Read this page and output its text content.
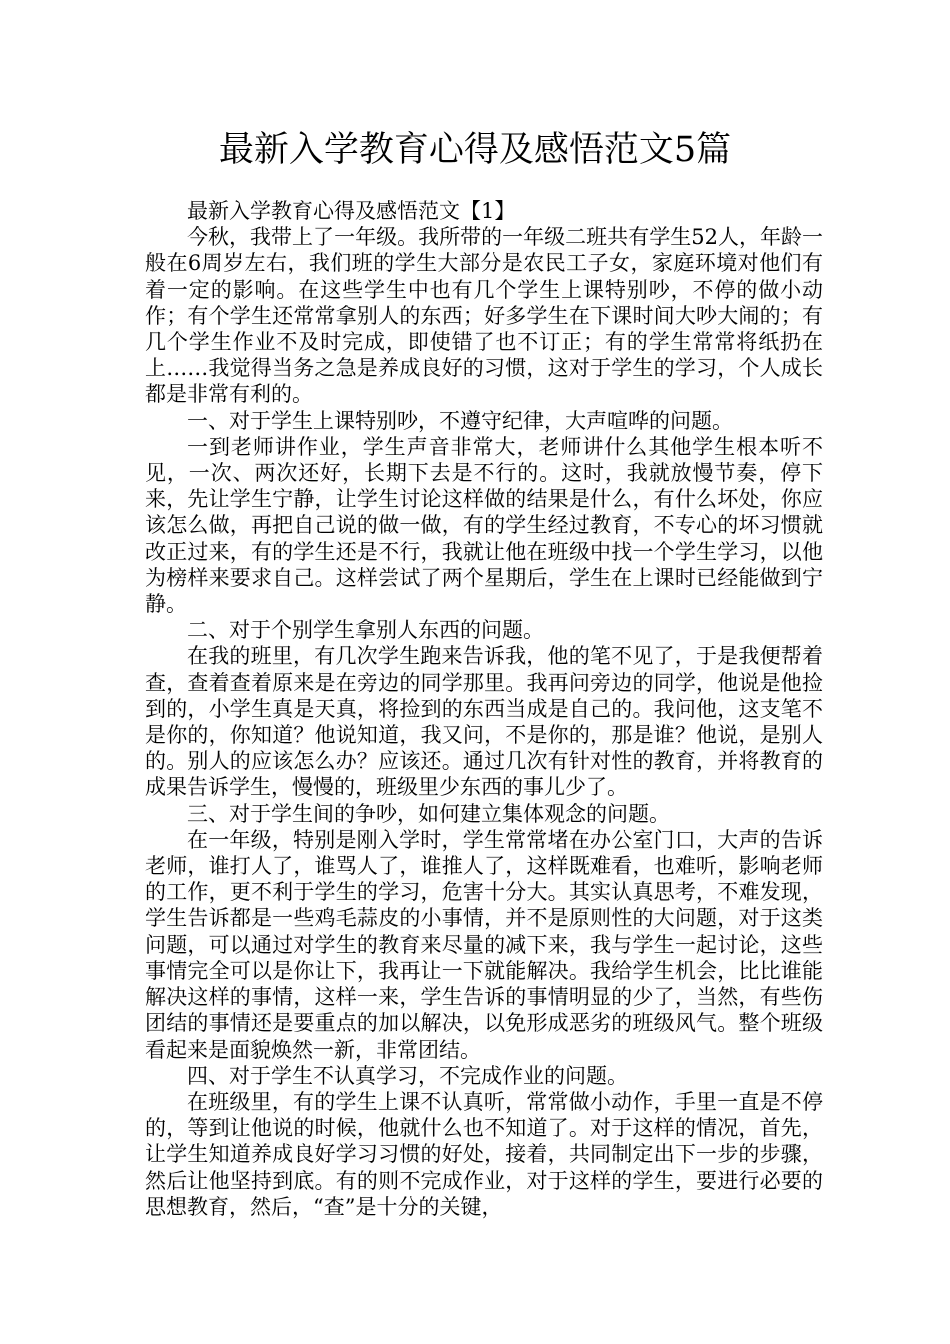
最新入学教育心得及感悟范文5篇

最新入学教育心得及感悟范文【1】

今秋，我带上了一年级。我所带的一年级二班共有学生52人，年龄一般在6周岁左右，我们班的学生大部分是农民工子女，家庭环境对他们有着一定的影响。在这些学生中也有几个学生上课特别吵，不停的做小动作；有个学生还常常拿别人的东西；好多学生在下课时间大吵大闹的；有几个学生作业不及时完成，即使错了也不订正；有的学生常常将纸扔在上……我觉得当务之急是养成良好的习惯，这对于学生的学习，个人成长都是非常有利的。

一、对于学生上课特别吵，不遵守纪律，大声喧哗的问题。

一到老师讲作业，学生声音非常大，老师讲什么其他学生根本听不见，一次、两次还好，长期下去是不行的。这时，我就放慢节奏，停下来，先让学生宁静，让学生讨论这样做的结果是什么，有什么坏处，你应该怎么做，再把自己说的做一做，有的学生经过教育，不专心的坏习惯就改正过来，有的学生还是不行，我就让他在班级中找一个学生学习，以他为榜样来要求自己。这样尝试了两个星期后，学生在上课时已经能做到宁静。

二、对于个别学生拿别人东西的问题。

在我的班里，有几次学生跑来告诉我，他的笔不见了，于是我便帮着查，查着查着原来是在旁边的同学那里。我再问旁边的同学，他说是他捡到的，小学生真是天真，将捡到的东西当成是自己的。我问他，这支笔不是你的，你知道？他说知道，我又问，不是你的，那是谁？他说，是别人的。别人的应该怎么办？应该还。通过几次有针对性的教育，并将教育的成果告诉学生，慢慢的，班级里少东西的事儿少了。

三、对于学生间的争吵，如何建立集体观念的问题。

在一年级，特别是刚入学时，学生常常堵在办公室门口，大声的告诉老师，谁打人了，谁骂人了，谁推人了，这样既难看，也难听，影响老师的工作，更不利于学生的学习，危害十分大。其实认真思考，不难发现，学生告诉都是一些鸡毛蒜皮的小事情，并不是原则性的大问题，对于这类问题，可以通过对学生的教育来尽量的减下来，我与学生一起讨论，这些事情完全可以是你让下，我再让一下就能解决。我给学生机会，比比谁能解决这样的事情，这样一来，学生告诉的事情明显的少了，当然，有些伤团结的事情还是要重点的加以解决，以免形成恶劣的班级风气。整个班级看起来是面貌焕然一新，非常团结。

四、对于学生不认真学习，不完成作业的问题。

在班级里，有的学生上课不认真听，常常做小动作，手里一直是不停的，等到让他说的时候，他就什么也不知道了。对于这样的情况，首先，让学生知道养成良好学习习惯的好处，接着，共同制定出下一步的步骤，然后让他坚持到底。有的则不完成作业，对于这样的学生，要进行必要的思想教育，然后，“查”是十分的关键，
